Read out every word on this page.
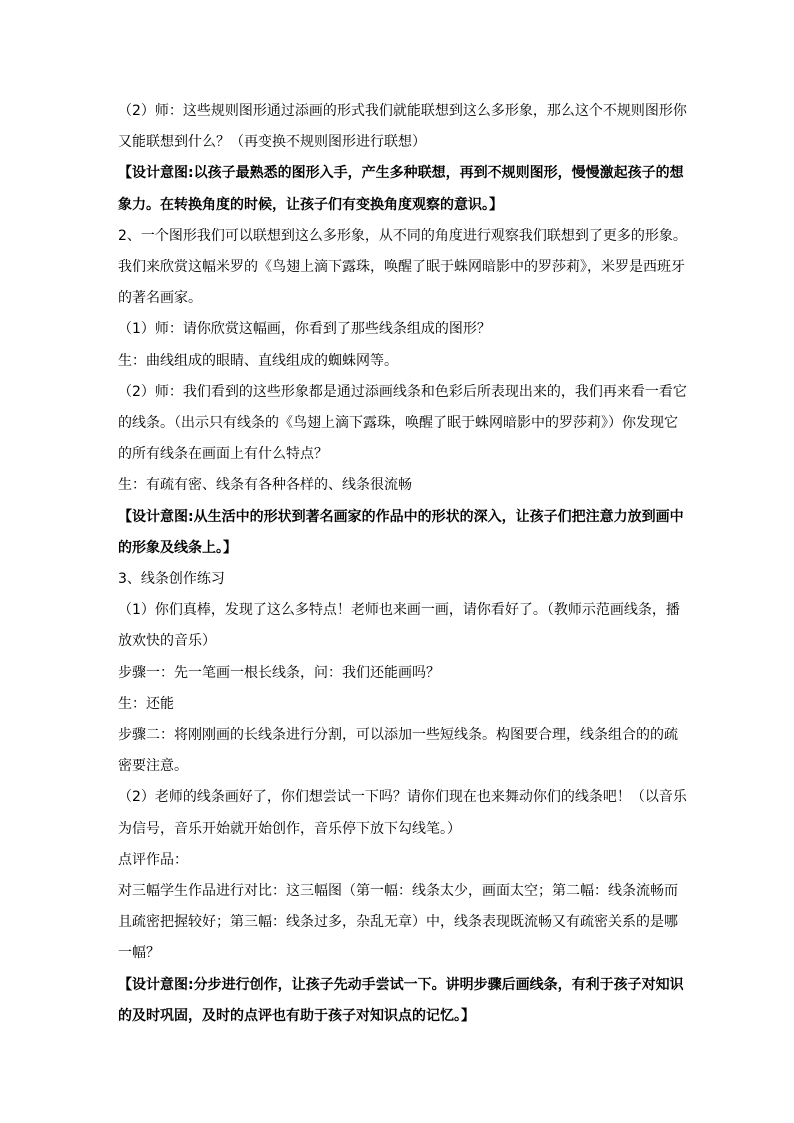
（2）师：这些规则图形通过添画的形式我们就能联想到这么多形象，那么这个不规则图形你又能联想到什么？（再变换不规则图形进行联想）

【设计意图:以孩子最熟悉的图形入手，产生多种联想，再到不规则图形，慢慢激起孩子的想象力。在转换角度的时候，让孩子们有变换角度观察的意识。】

2、一个图形我们可以联想到这么多形象，从不同的角度进行观察我们联想到了更多的形象。我们来欣赏这幅米罗的《鸟翅上滴下露珠，唤醒了眠于蛛网暗影中的罗莎莉》，米罗是西班牙的著名画家。

（1）师：请你欣赏这幅画，你看到了那些线条组成的图形？

生：曲线组成的眼睛、直线组成的蜘蛛网等。

（2）师：我们看到的这些形象都是通过添画线条和色彩后所表现出来的，我们再来看一看它的线条。（出示只有线条的《鸟翅上滴下露珠，唤醒了眠于蛛网暗影中的罗莎莉》）你发现它的所有线条在画面上有什么特点？

生：有疏有密、线条有各种各样的、线条很流畅

【设计意图:从生活中的形状到著名画家的作品中的形状的深入，让孩子们把注意力放到画中的形象及线条上。】

3、线条创作练习

（1）你们真棒，发现了这么多特点！老师也来画一画，请你看好了。（教师示范画线条，播放欢快的音乐）

步骤一：先一笔画一根长线条，问：我们还能画吗？

生：还能

步骤二：将刚刚画的长线条进行分割，可以添加一些短线条。构图要合理，线条组合的的疏密要注意。

（2）老师的线条画好了，你们想尝试一下吗？请你们现在也来舞动你们的线条吧！（以音乐为信号，音乐开始就开始创作，音乐停下放下勾线笔。）

点评作品：

对三幅学生作品进行对比：这三幅图（第一幅：线条太少，画面太空；第二幅：线条流畅而且疏密把握较好；第三幅：线条过多，杂乱无章）中，线条表现既流畅又有疏密关系的是哪一幅？

【设计意图:分步进行创作，让孩子先动手尝试一下。讲明步骤后画线条，有利于孩子对知识的及时巩固，及时的点评也有助于孩子对知识点的记忆。】
